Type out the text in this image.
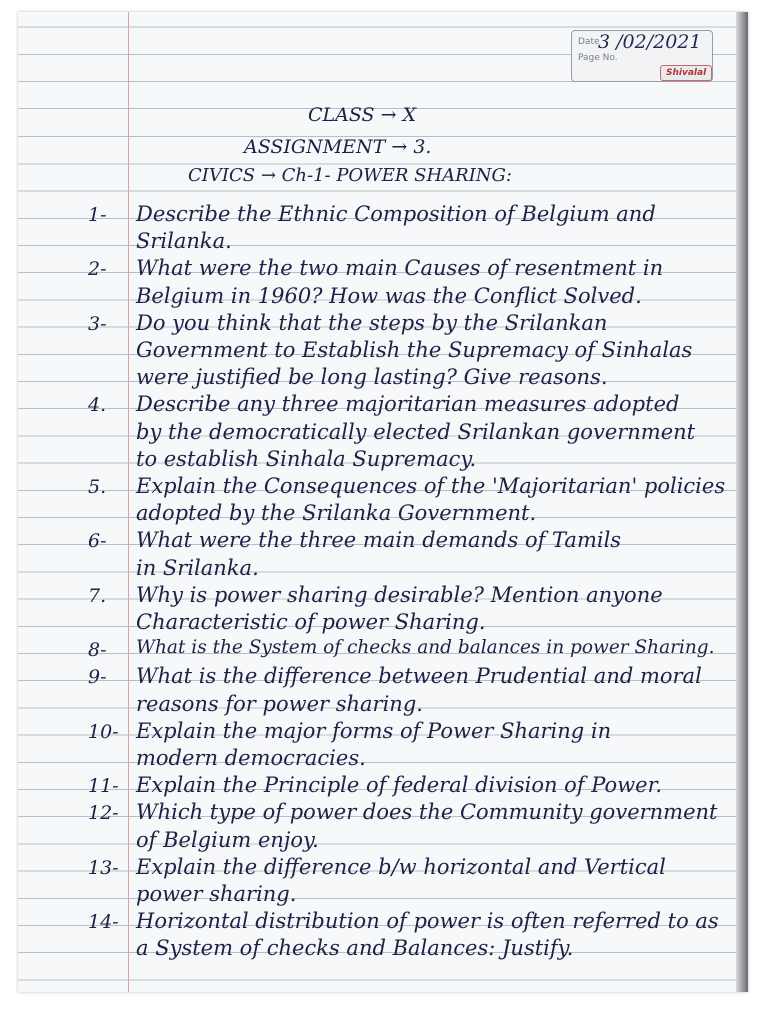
Date
Page No.
3 /02/2021
Shivalal
CLASS → X
ASSIGNMENT → 3.
CIVICS → Ch-1- POWER SHARING:
1- Describe the Ethnic Composition of Belgium and
Srilanka.
2- What were the two main Causes of resentment in
Belgium in 1960? How was the Conflict Solved.
3- Do you think that the steps by the Srilankan
Government to Establish the Supremacy of Sinhalas
were justified be long lasting? Give reasons.
4. Describe any three majoritarian measures adopted
by the democratically elected Srilankan government
to establish Sinhala Supremacy.
5. Explain the Consequences of the 'Majoritarian' policies
adopted by the Srilanka Government.
6- What were the three main demands of Tamils
in Srilanka.
7. Why is power sharing desirable? Mention anyone
Characteristic of power Sharing.
8- What is the System of checks and balances in power Sharing.
9- What is the difference between Prudential and moral
reasons for power sharing.
10- Explain the major forms of Power Sharing in
modern democracies.
11- Explain the Principle of federal division of Power.
12- Which type of power does the Community government
of Belgium enjoy.
13- Explain the difference b/w horizontal and Vertical
power sharing.
14- Horizontal distribution of power is often referred to as
a System of checks and Balances: Justify.
